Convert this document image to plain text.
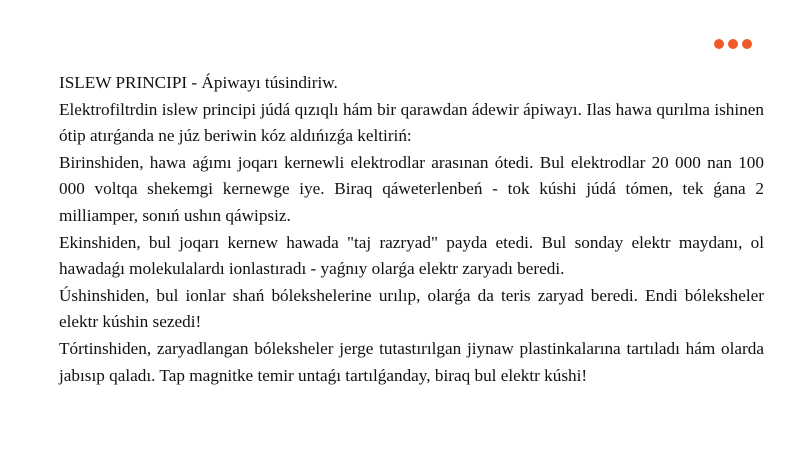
ISLEW PRINCIPI - Ápiwayı túsindiriw.

Elektrofiltrdin islew principi júdá qızıqlı hám bir qarawdan ádewir ápiwayı. Ilas hawa qurılma ishinen ótip atırǵanda ne júz beriwin kóz aldıńızǵa keltiriń:

Birinshiden, hawa aǵımı joqarı kernewli elektrodlar arasınan ótedi. Bul elektrodlar 20 000 nan 100 000 voltqa shekemgi kernewge iye. Biraq qáweterlenbeń - tok kúshi júdá tómen, tek ǵana 2 milliamper, sonıń ushın qáwipsiz.

Ekinshiden, bul joqarı kernew hawada "taj razryad" payda etedi. Bul sonday elektr maydanı, ol hawadaǵı molekulalardı ionlastıradı - yaǵnıy olarǵa elektr zaryadı beredi.

Úshinshiden, bul ionlar shań bólekshelerine urılıp, olarǵa da teris zaryad beredi. Endi bóleksheler elektr kúshin sezedi!

Tórtinshiden, zaryadlangan bóleksheler jerge tutastırılgan jiynaw plastinkalarına tartıladı hám olarda jabısıp qaladı. Tap magnitke temir untaǵı tartılǵanday, biraq bul elektr kúshi!
